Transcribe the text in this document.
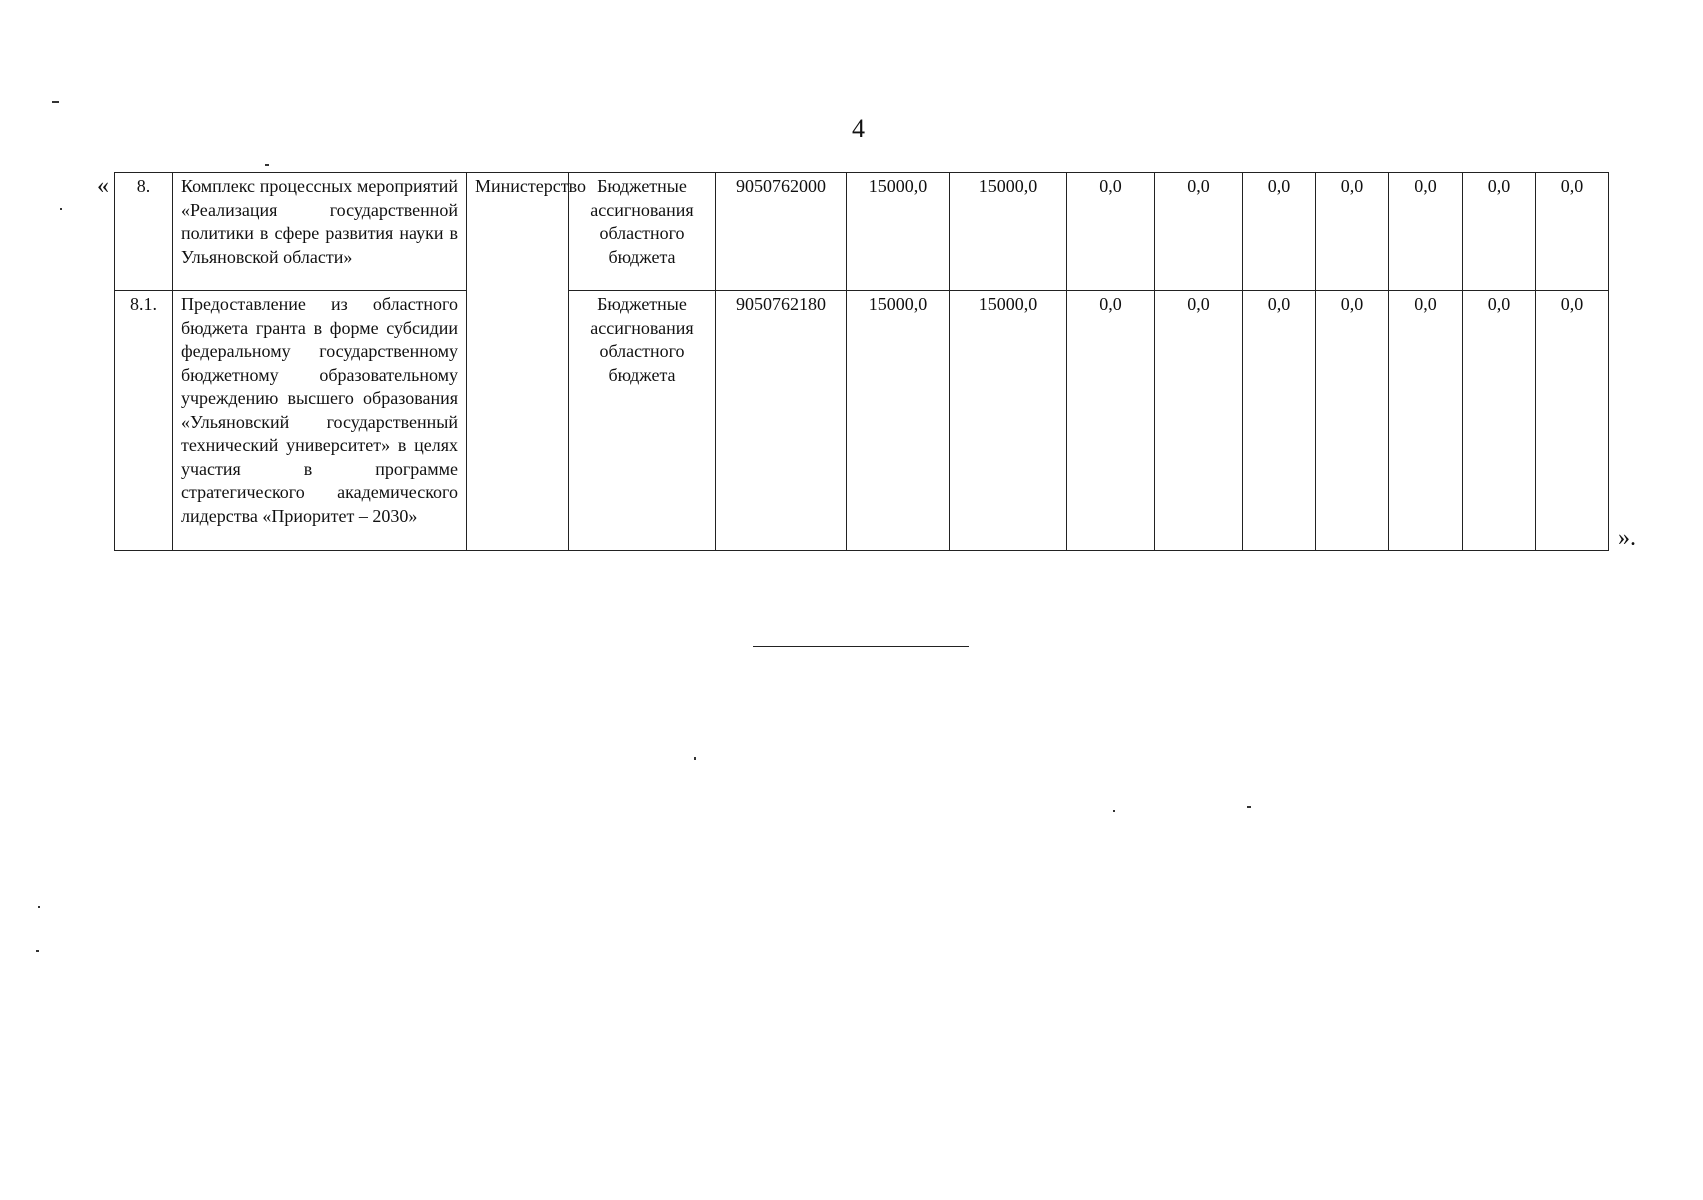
4
«
».
8.	Комплекс процессных мероприятий «Реализация государственной политики в сфере развития науки в Ульяновской области»	Министерство	Бюджетные ассигнования областного бюджета	9050762000	15000,0	15000,0	0,0	0,0	0,0	0,0	0,0	0,0	0,0
8.1.	Предоставление из областного бюджета гранта в форме субсидии федеральному государственному бюджетному образовательному учреждению высшего образования «Ульяновский государственный технический университет» в целях участия в программе стратегического академического лидерства «Приоритет – 2030»		Бюджетные ассигнования областного бюджета	9050762180	15000,0	15000,0	0,0	0,0	0,0	0,0	0,0	0,0	0,0
